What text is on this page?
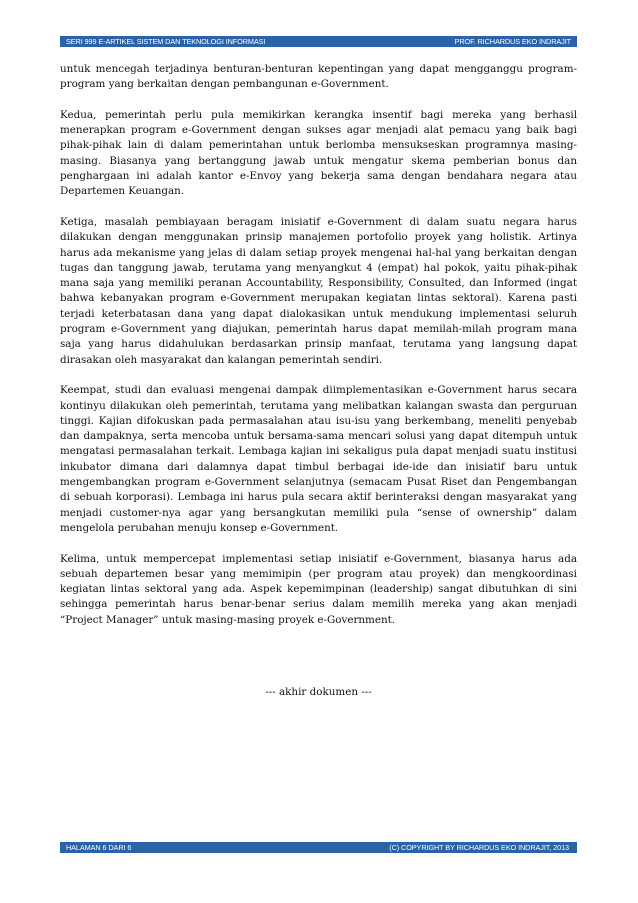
SERI 999 E-ARTIKEL SISTEM DAN TEKNOLOGI INFORMASI	PROF. RICHARDUS EKO INDRAJIT

untuk mencegah terjadinya benturan-benturan kepentingan yang dapat mengganggu program-program yang berkaitan dengan pembangunan e-Government.

Kedua, pemerintah perlu pula memikirkan kerangka insentif bagi mereka yang berhasil menerapkan program e-Government dengan sukses agar menjadi alat pemacu yang baik bagi pihak-pihak lain di dalam pemerintahan untuk berlomba mensukseskan programnya masing-masing. Biasanya yang bertanggung jawab untuk mengatur skema pemberian bonus dan penghargaan ini adalah kantor e-Envoy yang bekerja sama dengan bendahara negara atau Departemen Keuangan.

Ketiga, masalah pembiayaan beragam inisiatif e-Government di dalam suatu negara harus dilakukan dengan menggunakan prinsip manajemen portofolio proyek yang holistik. Artinya harus ada mekanisme yang jelas di dalam setiap proyek mengenai hal-hal yang berkaitan dengan tugas dan tanggung jawab, terutama yang menyangkut 4 (empat) hal pokok, yaitu pihak-pihak mana saja yang memiliki peranan Accountability, Responsibility, Consulted, dan Informed (ingat bahwa kebanyakan program e-Government merupakan kegiatan lintas sektoral). Karena pasti terjadi keterbatasan dana yang dapat dialokasikan untuk mendukung implementasi seluruh program e-Government yang diajukan, pemerintah harus dapat memilah-milah program mana saja yang harus didahulukan berdasarkan prinsip manfaat, terutama yang langsung dapat dirasakan oleh masyarakat dan kalangan pemerintah sendiri.

Keempat, studi dan evaluasi mengenai dampak diimplementasikan e-Government harus secara kontinyu dilakukan oleh pemerintah, terutama yang melibatkan kalangan swasta dan perguruan tinggi. Kajian difokuskan pada permasalahan atau isu-isu yang berkembang, meneliti penyebab dan dampaknya, serta mencoba untuk bersama-sama mencari solusi yang dapat ditempuh untuk mengatasi permasalahan terkait. Lembaga kajian ini sekaligus pula dapat menjadi suatu institusi inkubator dimana dari dalamnya dapat timbul berbagai ide-ide dan inisiatif baru untuk mengembangkan program e-Government selanjutnya (semacam Pusat Riset dan Pengembangan di sebuah korporasi). Lembaga ini harus pula secara aktif berinteraksi dengan masyarakat yang menjadi customer-nya agar yang bersangkutan memiliki pula “sense of ownership” dalam mengelola perubahan menuju konsep e-Government.

Kelima, untuk mempercepat implementasi setiap inisiatif e-Government, biasanya harus ada sebuah departemen besar yang memimipin (per program atau proyek) dan mengkoordinasi kegiatan lintas sektoral yang ada. Aspek kepemimpinan (leadership) sangat dibutuhkan di sini sehingga pemerintah harus benar-benar serius dalam memilih mereka yang akan menjadi “Project Manager” untuk masing-masing proyek e-Government.

--- akhir dokumen ---
HALAMAN 6 DARI 6	(C) COPYRIGHT BY RICHARDUS EKO INDRAJIT, 2013
